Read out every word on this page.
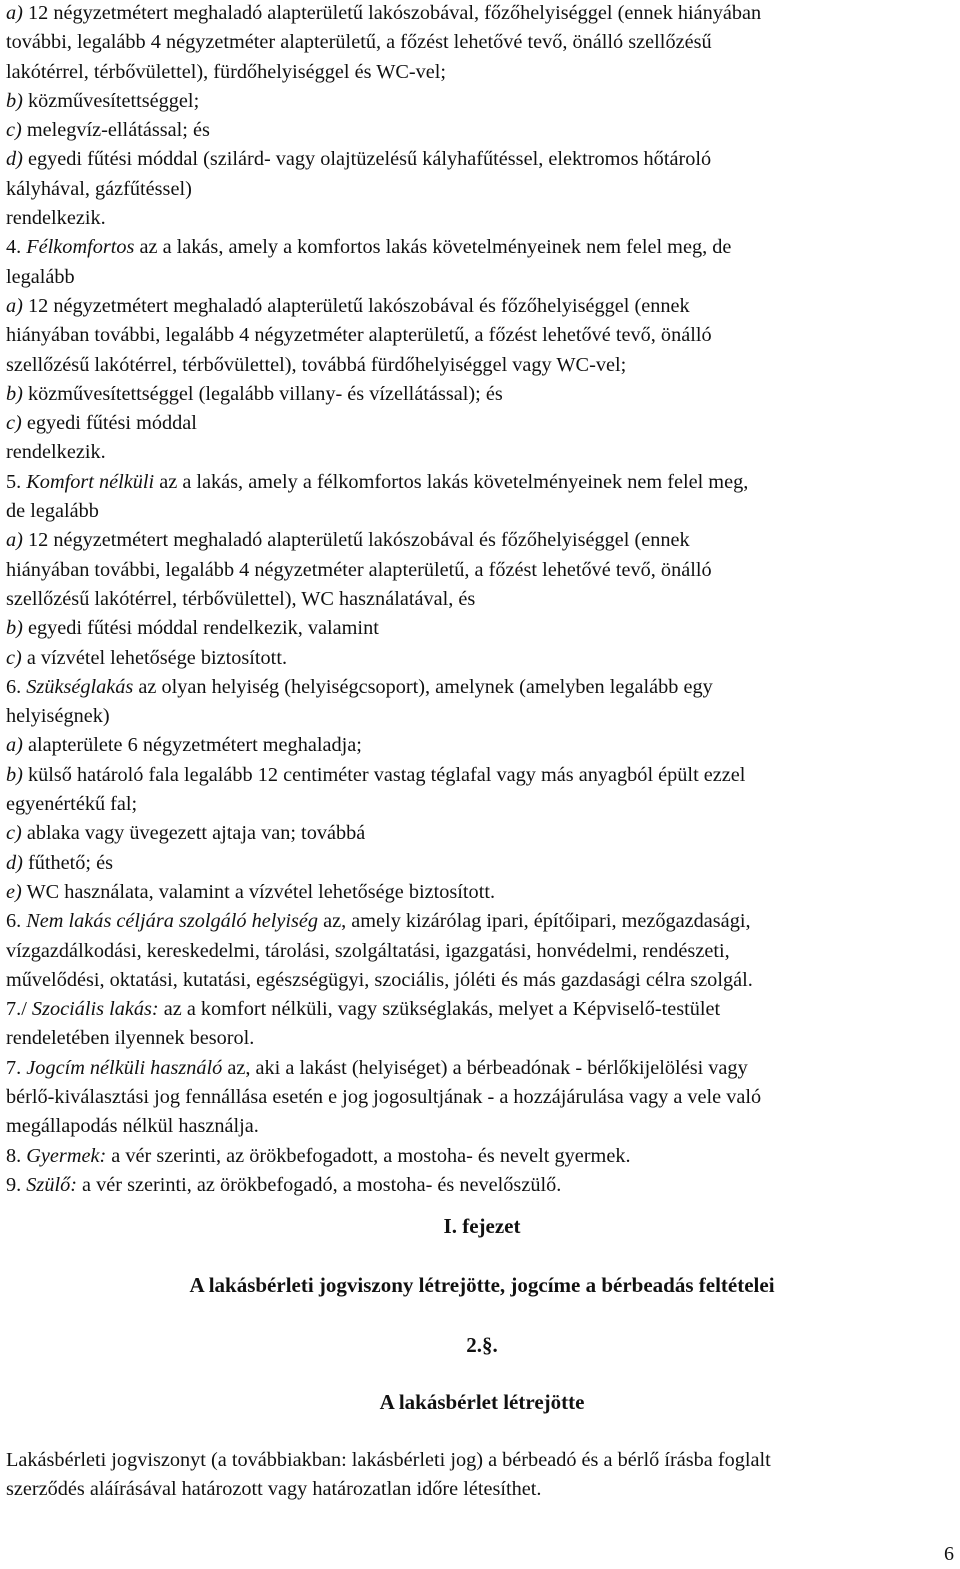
a) 12 négyzetmétert meghaladó alapterületű lakószobával, főzőhelyiséggel (ennek hiányában

további, legalább 4 négyzetméter alapterületű, a főzést lehetővé tevő, önálló szellőzésű

lakótérrel, térbővülettel), fürdőhelyiséggel és WC-vel;

b) közművesítettséggel;

c) melegvíz-ellátással; és

d) egyedi fűtési móddal (szilárd- vagy olajtüzelésű kályhafűtéssel, elektromos hőtároló

kályhával, gázfűtéssel)

rendelkezik.

4. Félkomfortos az a lakás, amely a komfortos lakás követelményeinek nem felel meg, de

legalább

a) 12 négyzetmétert meghaladó alapterületű lakószobával és főzőhelyiséggel (ennek

hiányában további, legalább 4 négyzetméter alapterületű, a főzést lehetővé tevő, önálló

szellőzésű lakótérrel, térbővülettel), továbbá fürdőhelyiséggel vagy WC-vel;

b) közművesítettséggel (legalább villany- és vízellátással); és

c) egyedi fűtési móddal

rendelkezik.

5. Komfort nélküli az a lakás, amely a félkomfortos lakás követelményeinek nem felel meg,

de legalább

a) 12 négyzetmétert meghaladó alapterületű lakószobával és főzőhelyiséggel (ennek

hiányában további, legalább 4 négyzetméter alapterületű, a főzést lehetővé tevő, önálló

szellőzésű lakótérrel, térbővülettel), WC használatával, és

b) egyedi fűtési móddal rendelkezik, valamint

c) a vízvétel lehetősége biztosított.

6. Szükséglakás az olyan helyiség (helyiségcsoport), amelynek (amelyben legalább egy

helyiségnek)

a) alapterülete 6 négyzetmétert meghaladja;

b) külső határoló fala legalább 12 centiméter vastag téglafal vagy más anyagból épült ezzel

egyenértékű fal;

c) ablaka vagy üvegezett ajtaja van; továbbá

d) fűthető; és

e) WC használata, valamint a vízvétel lehetősége biztosított.

6. Nem lakás céljára szolgáló helyiség az, amely kizárólag ipari, építőipari, mezőgazdasági,

vízgazdálkodási, kereskedelmi, tárolási, szolgáltatási, igazgatási, honvédelmi, rendészeti,

művelődési, oktatási, kutatási, egészségügyi, szociális, jóléti és más gazdasági célra szolgál.

7./ Szociális lakás: az a komfort nélküli, vagy szükséglakás, melyet a Képviselő-testület

rendeletében ilyennek besorol.

7. Jogcím nélküli használó az, aki a lakást (helyiséget) a bérbeadónak - bérlőkijelölési vagy

bérlő-kiválasztási jog fennállása esetén e jog jogosultjának - a hozzájárulása vagy a vele való

megállapodás nélkül használja.

8. Gyermek: a vér szerinti, az örökbefogadott, a mostoha- és nevelt gyermek.

9. Szülő: a vér szerinti, az örökbefogadó, a mostoha- és nevelőszülő.

I. fejezet
A lakásbérleti jogviszony létrejötte, jogcíme a bérbeadás feltételei
2.§.
A lakásbérlet létrejötte

Lakásbérleti jogviszonyt (a továbbiakban: lakásbérleti jog) a bérbeadó és a bérlő írásba foglalt

szerződés aláírásával határozott vagy határozatlan időre létesíthet.

6
